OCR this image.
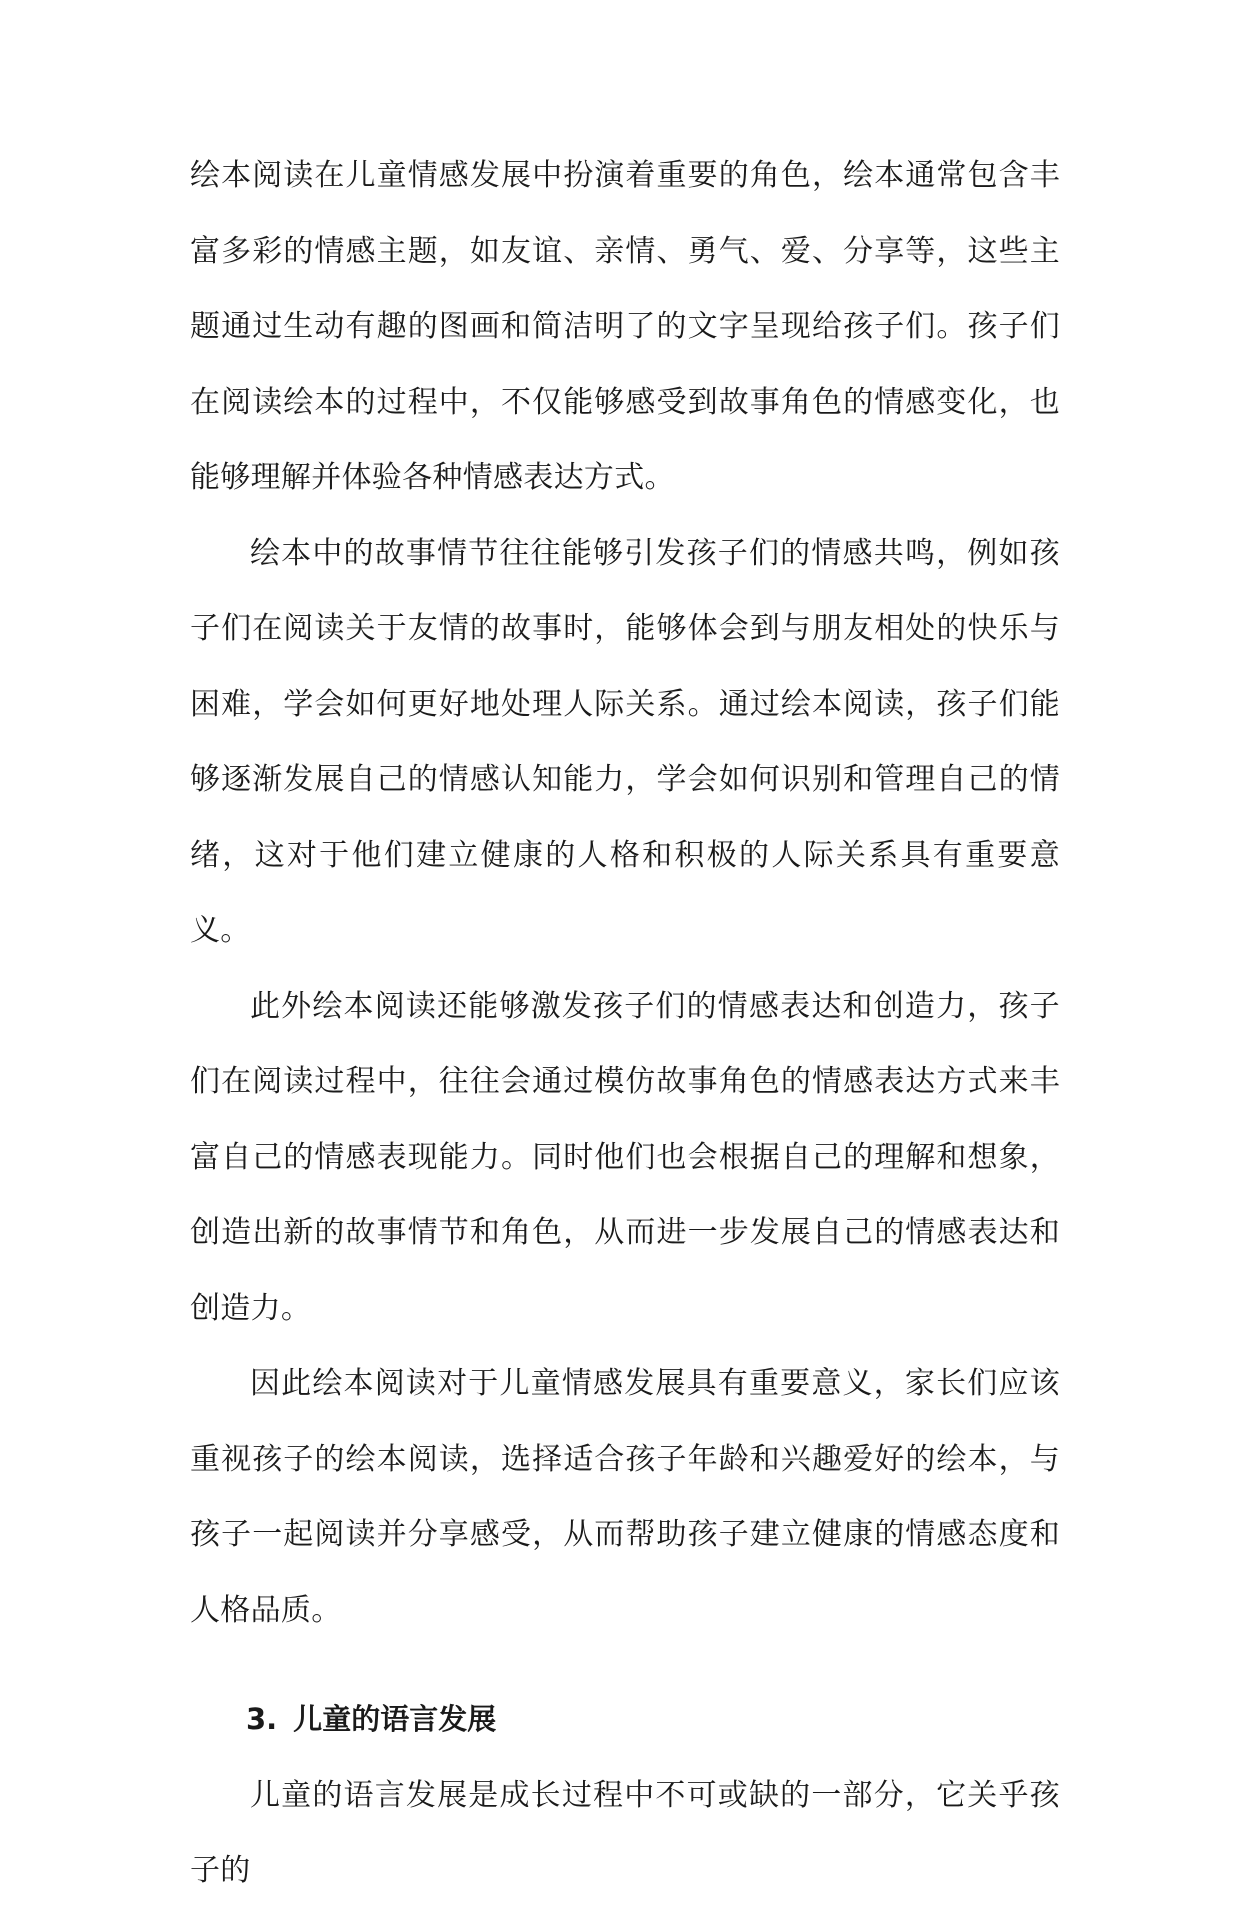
绘本阅读在儿童情感发展中扮演着重要的角色，绘本通常包含丰富多彩的情感主题，如友谊、亲情、勇气、爱、分享等，这些主题通过生动有趣的图画和简洁明了的文字呈现给孩子们。孩子们在阅读绘本的过程中，不仅能够感受到故事角色的情感变化，也能够理解并体验各种情感表达方式。

绘本中的故事情节往往能够引发孩子们的情感共鸣，例如孩子们在阅读关于友情的故事时，能够体会到与朋友相处的快乐与困难，学会如何更好地处理人际关系。通过绘本阅读，孩子们能够逐渐发展自己的情感认知能力，学会如何识别和管理自己的情绪，这对于他们建立健康的人格和积极的人际关系具有重要意义。

此外绘本阅读还能够激发孩子们的情感表达和创造力，孩子们在阅读过程中，往往会通过模仿故事角色的情感表达方式来丰富自己的情感表现能力。同时他们也会根据自己的理解和想象，创造出新的故事情节和角色，从而进一步发展自己的情感表达和创造力。

因此绘本阅读对于儿童情感发展具有重要意义，家长们应该重视孩子的绘本阅读，选择适合孩子年龄和兴趣爱好的绘本，与孩子一起阅读并分享感受，从而帮助孩子建立健康的情感态度和人格品质。

3. 儿童的语言发展

儿童的语言发展是成长过程中不可或缺的一部分，它关乎孩子的
